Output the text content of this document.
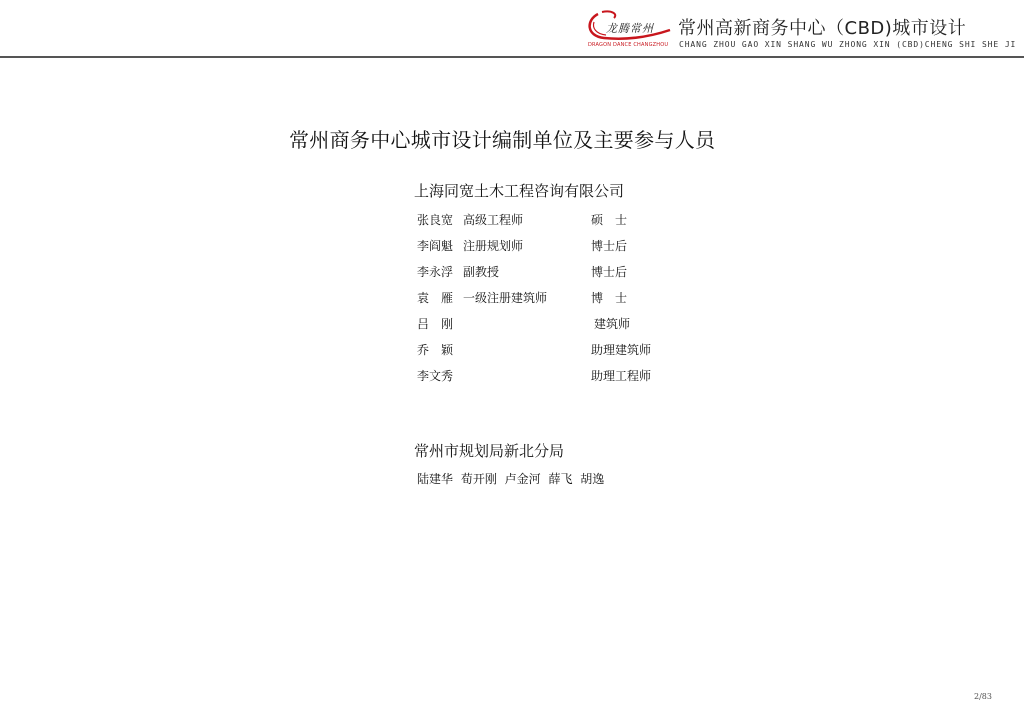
龙腾常州
DRAGON DANCE CHANGZHOU
常州高新商务中心（CBD)城市设计
CHANG ZHOU GAO XIN SHANG WU ZHONG XIN (CBD)CHENG SHI SHE JI
常州商务中心城市设计编制单位及主要参与人员
上海同宽土木工程咨询有限公司
张良宽 高级工程师	硕　士
李阎魁 注册规划师	博士后
李永浮 副教授	博士后
袁　雁 一级注册建筑师	博　士
吕　刚	建筑师
乔　颖	助理建筑师
李文秀	助理工程师
常州市规划局新北分局
陆建华 荀开刚 卢金河 薛飞 胡逸
2/83
